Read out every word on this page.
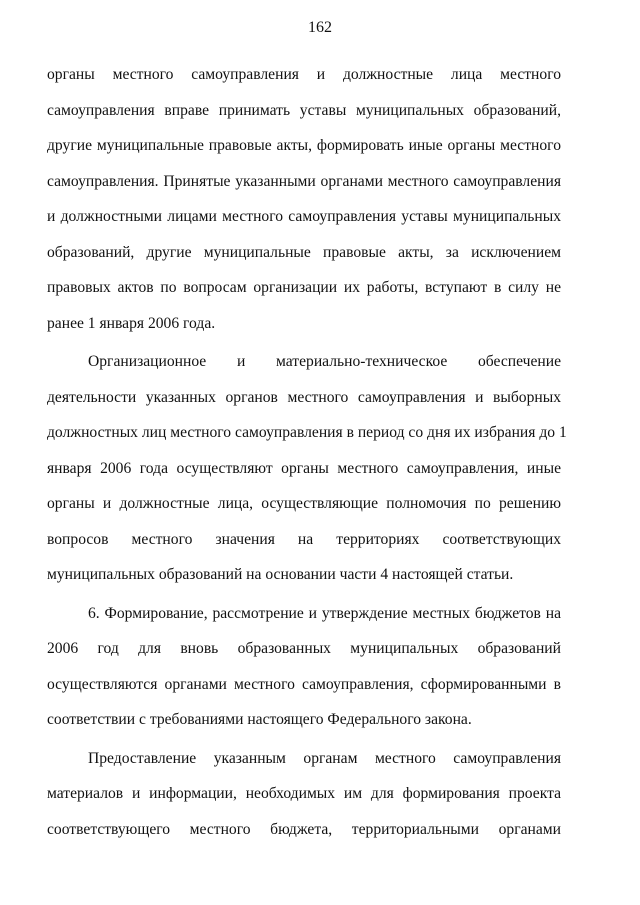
162
органы местного самоуправления и должностные лица местного
самоуправления вправе принимать уставы муниципальных образований,
другие муниципальные правовые акты, формировать иные органы местного
самоуправления. Принятые указанными органами местного самоуправления
и должностными лицами местного самоуправления уставы муниципальных
образований, другие муниципальные правовые акты, за исключением
правовых актов по вопросам организации их работы, вступают в силу не
ранее 1 января 2006 года.
Организационное и материально-техническое обеспечение
деятельности указанных органов местного самоуправления и выборных
должностных лиц местного самоуправления в период со дня их избрания до 1
января 2006 года осуществляют органы местного самоуправления, иные
органы и должностные лица, осуществляющие полномочия по решению
вопросов местного значения на территориях соответствующих
муниципальных образований на основании части 4 настоящей статьи.
6. Формирование, рассмотрение и утверждение местных бюджетов на
2006 год для вновь образованных муниципальных образований
осуществляются органами местного самоуправления, сформированными в
соответствии с требованиями настоящего Федерального закона.
Предоставление указанным органам местного самоуправления
материалов и информации, необходимых им для формирования проекта
соответствующего местного бюджета, территориальными органами
